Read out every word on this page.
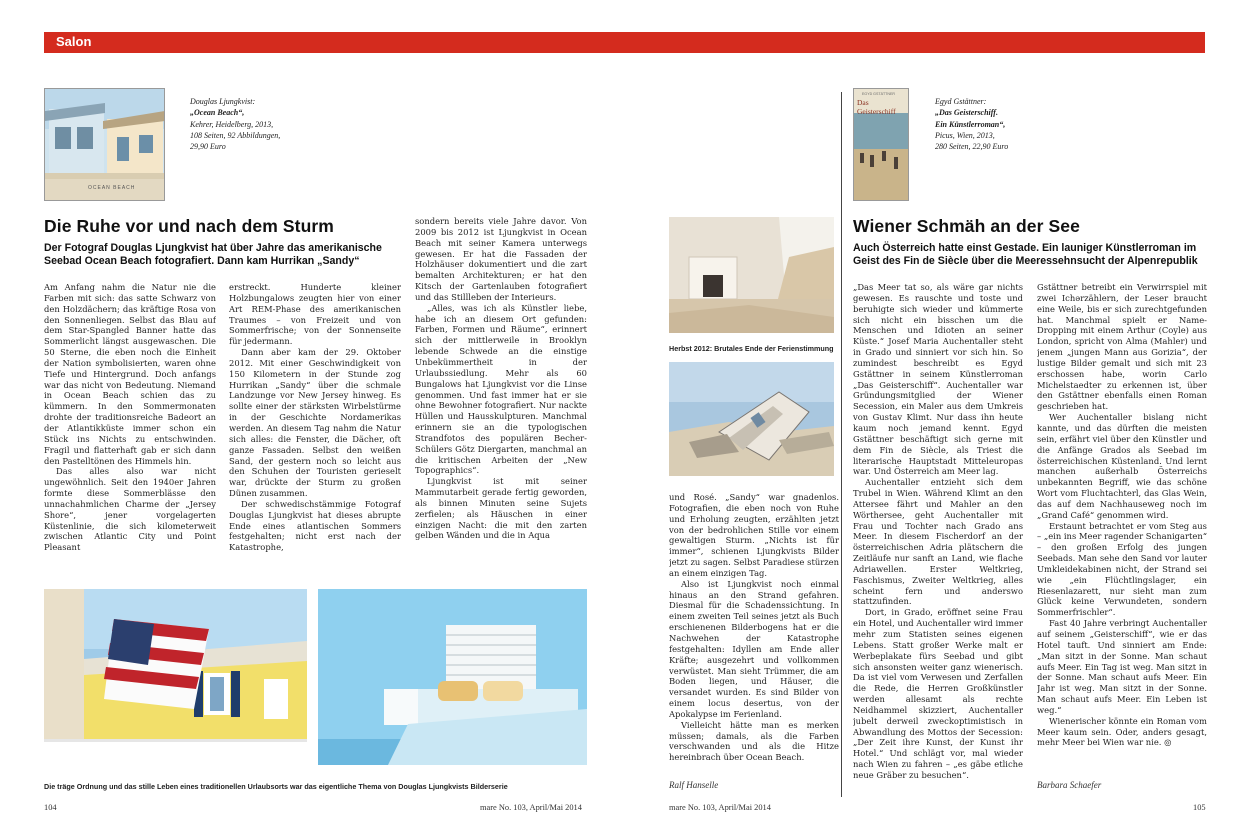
Salon
OCEAN BEACH
Douglas Ljungkvist:
„Ocean Beach“,
Kehrer, Heidelberg, 2013,
108 Seiten, 92 Abbildungen,
29,90 Euro
Die Ruhe vor und nach dem Sturm
Der Fotograf Douglas Ljungkvist hat über Jahre das amerikanische Seebad Ocean Beach fotografiert. Dann kam Hurrikan „Sandy“

Am Anfang nahm die Natur nie die Farben mit sich: das satte Schwarz von den Holzdächern; das kräftige Rosa von den Sonnenliegen. Selbst das Blau auf dem Star-Spangled Banner hatte das Sommerlicht längst ausgewaschen. Die 50 Sterne, die eben noch die Einheit der Nation symbolisierten, waren ohne Tiefe und Hintergrund. Doch anfangs war das nicht von Bedeutung. Niemand in Ocean Beach schien das zu kümmern. In den Sommermonaten drohte der traditionsreiche Badeort an der Atlantikküste immer schon ein Stück ins Nichts zu entschwinden. Fragil und flatterhaft gab er sich dann den Pastelltönen des Himmels hin.

Das alles also war nicht ungewöhnlich. Seit den 1940er Jahren formte diese Sommerblässe den unnachahmlichen Charme der „Jersey Shore“, jener vorgelagerten Küstenlinie, die sich kilometerweit zwischen Atlantic City und Point Pleasant

erstreckt. Hunderte kleiner Holzbungalows zeugten hier von einer Art REM-Phase des amerikanischen Traumes – von Freizeit und von Sommerfrische; von der Sonnenseite für jedermann.

Dann aber kam der 29. Oktober 2012. Mit einer Geschwindigkeit von 150 Kilometern in der Stunde zog Hurrikan „Sandy“ über die schmale Landzunge vor New Jersey hinweg. Es sollte einer der stärksten Wirbelstürme in der Geschichte Nordamerikas werden. An diesem Tag nahm die Natur sich alles: die Fenster, die Dächer, oft ganze Fassaden. Selbst den weißen Sand, der gestern noch so leicht aus den Schuhen der Touristen gerieselt war, drückte der Sturm zu großen Dünen zusammen.

Der schwedischstämmige Fotograf Douglas Ljungkvist hat dieses abrupte Ende eines atlantischen Sommers festgehalten; nicht erst nach der Katastrophe,

sondern bereits viele Jahre davor. Von 2009 bis 2012 ist Ljungkvist in Ocean Beach mit seiner Kamera unterwegs gewesen. Er hat die Fassaden der Holzhäuser dokumentiert und die zart bemalten Architekturen; er hat den Kitsch der Gartenlauben fotografiert und das Stillleben der Interieurs.

„Alles, was ich als Künstler liebe, habe ich an diesem Ort gefunden: Farben, Formen und Räume“, erinnert sich der mittlerweile in Brooklyn lebende Schwede an die einstige Unbekümmertheit in der Urlaubssiedlung. Mehr als 60 Bungalows hat Ljungkvist vor die Linse genommen. Und fast immer hat er sie ohne Bewohner fotografiert. Nur nackte Hüllen und Hausskulpturen. Manchmal erinnern sie an die typologischen Strandfotos des populären Becher-Schülers Götz Diergarten, manchmal an die kritischen Arbeiten der „New Topographics“.

Ljungkvist ist mit seiner Mammutarbeit gerade fertig geworden, als binnen Minuten seine Sujets zerfielen; als Häuschen in einer einzigen Nacht: die mit den zarten gelben Wänden und die in Aqua

Die träge Ordnung und das stille Leben eines traditionellen Urlaubsorts war das eigentliche Thema von Douglas Ljungkvists Bilderserie
104	mare No. 103, April/Mai 2014
Herbst 2012: Brutales Ende der Ferienstimmung

und Rosé. „Sandy“ war gnadenlos. Fotografien, die eben noch von Ruhe und Erholung zeugten, erzählten jetzt von der bedrohlichen Stille vor einem gewaltigen Sturm. „Nichts ist für immer“, schienen Ljungkvists Bilder jetzt zu sagen. Selbst Paradiese stürzen an einem einzigen Tag.

Also ist Ljungkvist noch einmal hinaus an den Strand gefahren. Diesmal für die Schadenssichtung. In einem zweiten Teil seines jetzt als Buch erschienenen Bilderbogens hat er die Nachwehen der Katastrophe festgehalten: Idyllen am Ende aller Kräfte; ausgezehrt und vollkommen verwüstet. Man sieht Trümmer, die am Boden liegen, und Häuser, die versandet wurden. Es sind Bilder von einem locus desertus, von der Apokalypse im Ferienland.

Vielleicht hätte man es merken müssen; damals, als die Farben verschwanden und als die Hitze hereinbrach über Ocean Beach.

Ralf Hanselle
mare No. 103, April/Mai 2014
EGYD GSTÄTTNER
Das Geisterschiff
Egyd Gstättner:
„Das Geisterschiff.
Ein Künstlerroman“,
Picus, Wien, 2013,
280 Seiten, 22,90 Euro
Wiener Schmäh an der See
Auch Österreich hatte einst Gestade. Ein launiger Künstlerroman im Geist des Fin de Siècle über die Meeressehnsucht der Alpenrepublik

„Das Meer tat so, als wäre gar nichts gewesen. Es rauschte und toste und beruhigte sich wieder und kümmerte sich nicht ein bisschen um die Menschen und Idioten an seiner Küste.“ Josef Maria Auchentaller steht in Grado und sinniert vor sich hin. So zumindest beschreibt es Egyd Gstättner in seinem Künstlerroman „Das Geisterschiff“. Auchentaller war Gründungsmitglied der Wiener Secession, ein Maler aus dem Umkreis von Gustav Klimt. Nur dass ihn heute kaum noch jemand kennt. Egyd Gstättner beschäftigt sich gerne mit dem Fin de Siècle, als Triest die literarische Hauptstadt Mitteleuropas war. Und Österreich am Meer lag.

Auchentaller entzieht sich dem Trubel in Wien. Während Klimt an den Attersee fährt und Mahler an den Wörthersee, geht Auchentaller mit Frau und Tochter nach Grado ans Meer. In diesem Fischerdorf an der österreichischen Adria plätschern die Zeitläufe nur sanft an Land, wie flache Adriawellen. Erster Weltkrieg, Faschismus, Zweiter Weltkrieg, alles scheint fern und anderswo stattzufinden.

Dort, in Grado, eröffnet seine Frau ein Hotel, und Auchentaller wird immer mehr zum Statisten seines eigenen Lebens. Statt großer Werke malt er Werbeplakate fürs Seebad und gibt sich ansonsten weiter ganz wienerisch. Da ist viel vom Verwesen und Zerfallen die Rede, die Herren Großkünstler werden allesamt als rechte Neidhammel skizziert, Auchentaller jubelt derweil zweckoptimistisch in Abwandlung des Mottos der Secession: „Der Zeit ihre Kunst, der Kunst ihr Hotel.“ Und schlägt vor, mal wieder nach Wien zu fahren – „es gäbe etliche neue Gräber zu besuchen“.

Gstättner betreibt ein Verwirrspiel mit zwei Ichərzählern, der Leser braucht eine Weile, bis er sich zurechtgefunden hat. Manchmal spielt er Name-Dropping mit einem Arthur (Coyle) aus London, spricht von Alma (Mahler) und jenem „jungen Mann aus Gorizia“, der lustige Bilder gemalt und sich mit 23 erschossen habe, worin Carlo Michelstaedter zu erkennen ist, über den Gstättner ebenfalls einen Roman geschrieben hat.

Wer Auchentaller bislang nicht kannte, und das dürften die meisten sein, erfährt viel über den Künstler und die Anfänge Grados als Seebad im österreichischen Küstenland. Und lernt manchen außerhalb Österreichs unbekannten Begriff, wie das schöne Wort vom Fluchtachterl, das Glas Wein, das auf dem Nachhauseweg noch im „Grand Café“ genommen wird.

Erstaunt betrachtet er vom Steg aus – „ein ins Meer ragender Schanigarten“ – den großen Erfolg des jungen Seebads. Man sehe den Sand vor lauter Umkleidekabinen nicht, der Strand sei wie „ein Flüchtlingslager, ein Riesenlazarett, nur sieht man zum Glück keine Verwundeten, sondern Sommerfrischler“.

Fast 40 Jahre verbringt Auchentaller auf seinem „Geisterschiff“, wie er das Hotel tauft. Und sinniert am Ende: „Man sitzt in der Sonne. Man schaut aufs Meer. Ein Tag ist weg. Man sitzt in der Sonne. Man schaut aufs Meer. Ein Jahr ist weg. Man sitzt in der Sonne. Man schaut aufs Meer. Ein Leben ist weg.“

Wienerischer könnte ein Roman vom Meer kaum sein. Oder, anders gesagt, mehr Meer bei Wien war nie. ◎

Barbara Schaefer
105
